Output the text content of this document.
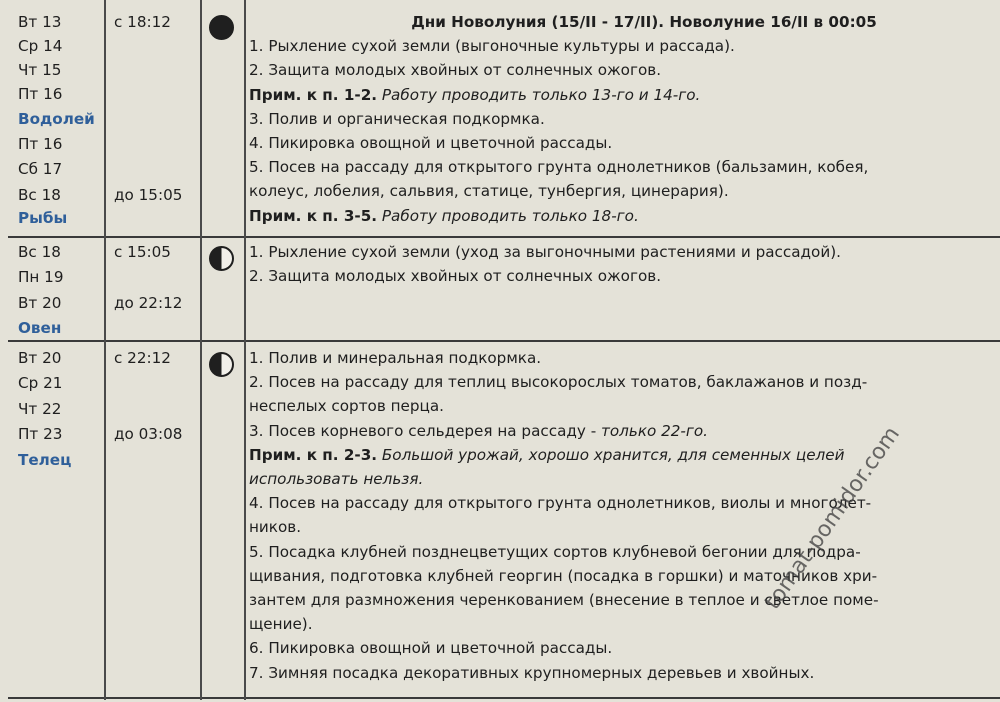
Вт 13
Ср 14
Чт 15
Пт 16
Водолей
Пт 16
Сб 17
Вс 18
Рыбы
с 18:12
до 15:05
Дни Новолуния (15/II - 17/II). Новолуние 16/II в 00:05
1. Рыхление сухой земли (выгоночные культуры и рассада).
2. Защита молодых хвойных от солнечных ожогов.
Прим. к п. 1-2. Работу проводить только 13-го и 14-го.
3. Полив и органическая подкормка.
4. Пикировка овощной и цветочной рассады.
5. Посев на рассаду для открытого грунта однолетников (бальзамин, кобея,
колеус, лобелия, сальвия, статице, тунбергия, цинерария).
Прим. к п. 3-5. Работу проводить только 18-го.
Вс 18
Пн 19
Вт 20
Овен
с 15:05
до 22:12
1. Рыхление сухой земли (уход за выгоночными растениями и рассадой).
2. Защита молодых хвойных от солнечных ожогов.
Вт 20
Ср 21
Чт 22
Пт 23
Телец
с 22:12
до 03:08
1. Полив и минеральная подкормка.
2. Посев на рассаду для теплиц высокорослых томатов, баклажанов и позд-
неспелых сортов перца.
3. Посев корневого сельдерея на рассаду - только 22-го.
Прим. к п. 2-3. Большой урожай, хорошо хранится, для семенных целей
использовать нельзя.
4. Посев на рассаду для открытого грунта однолетников, виолы и многолет-
ников.
5. Посадка клубней позднецветущих сортов клубневой бегонии для подра-
щивания, подготовка клубней георгин (посадка в горшки) и маточников хри-
зантем для размножения черенкованием (внесение в теплое и светлое поме-
щение).
6. Пикировка овощной и цветочной рассады.
7. Зимняя посадка декоративных крупномерных деревьев и хвойных.
tomat-pomidor.com
